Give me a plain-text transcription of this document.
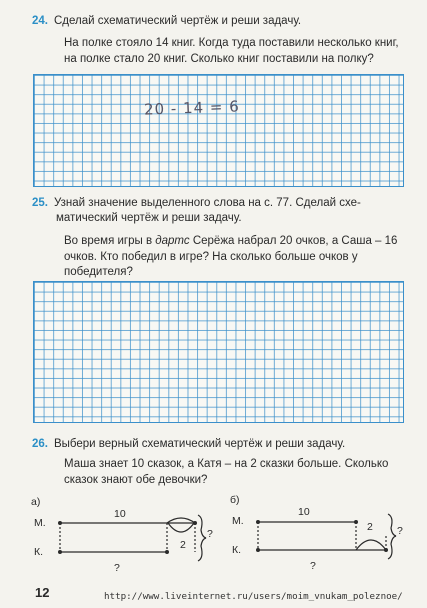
24. Сделай схематический чертёж и реши задачу.

На полке стояло 14 книг. Когда туда поставили несколько книг, на полке стало 20 книг. Сколько книг поставили на полку?

20 - 14 = 6
25. Узнай значение выделенного слова на с. 77. Сделай схе-
матический чертёж и реши задачу.

Во время игры в дартс Серёжа набрал 20 очков, а Саша – 16 очков. Кто победил в игре? На сколько больше очков у победителя?

26. Выбери верный схематический чертёж и реши задачу.

Маша знает 10 сказок, а Катя – на 2 сказки больше. Сколько сказок знают обе девочки?

а)
М.
К.
10
2
?
?
б)
М.
К.
10
2 ?
?
12	http://www.liveinternet.ru/users/moim_vnukam_poleznoe/
